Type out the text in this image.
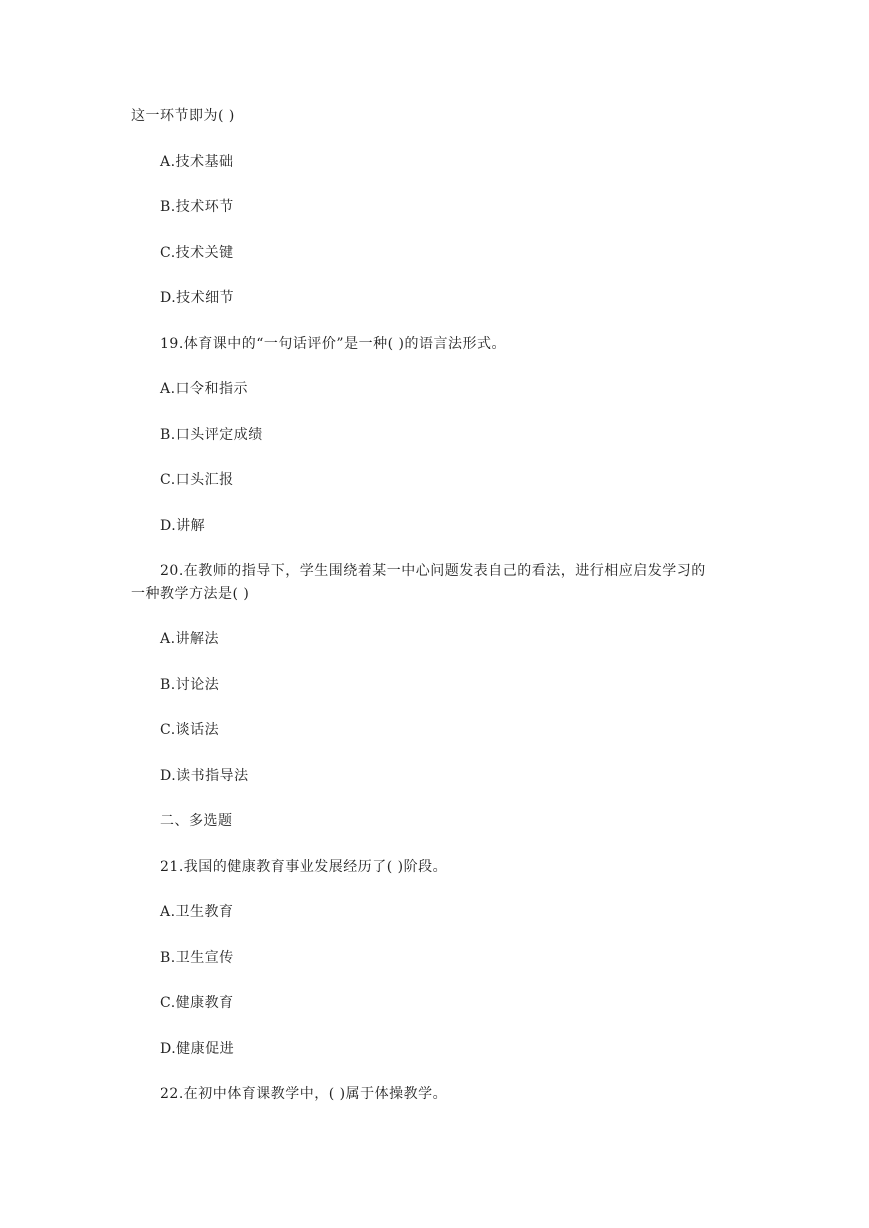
这一环节即为( )
A.技术基础
B.技术环节
C.技术关键
D.技术细节
19.体育课中的“一句话评价”是一种( )的语言法形式。
A.口令和指示
B.口头评定成绩
C.口头汇报
D.讲解
20.在教师的指导下，学生围绕着某一中心问题发表自己的看法，进行相应启发学习的
一种教学方法是( )
A.讲解法
B.讨论法
C.谈话法
D.读书指导法
二、多选题
21.我国的健康教育事业发展经历了( )阶段。
A.卫生教育
B.卫生宣传
C.健康教育
D.健康促进
22.在初中体育课教学中，( )属于体操教学。
